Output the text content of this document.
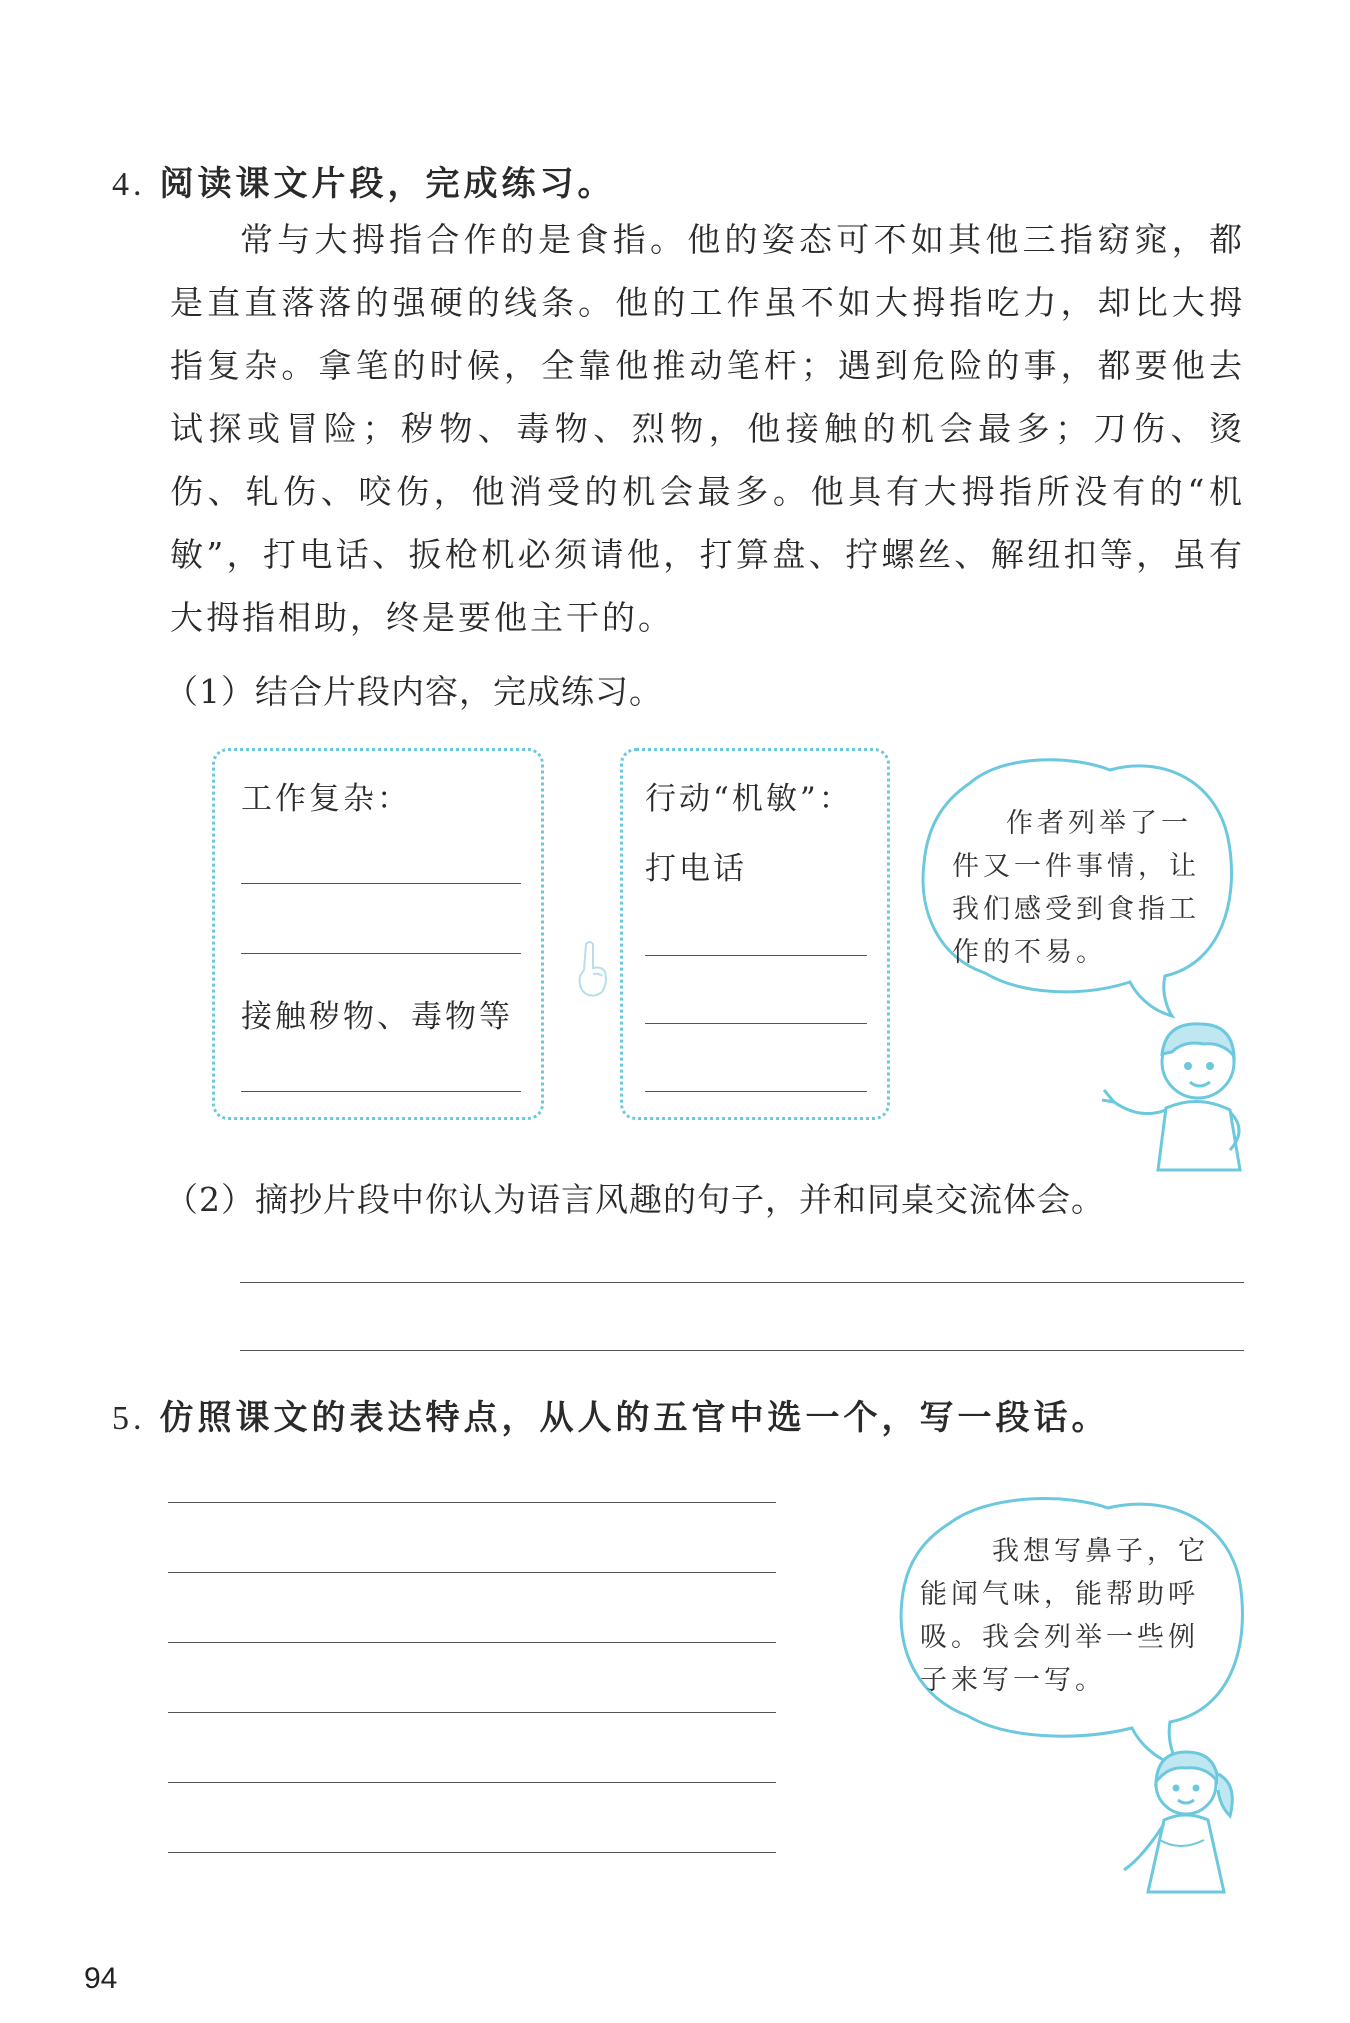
4. 阅读课文片段，完成练习。
常与大拇指合作的是食指。他的姿态可不如其他三指窈窕，都是直直落落的强硬的线条。他的工作虽不如大拇指吃力，却比大拇指复杂。拿笔的时候，全靠他推动笔杆；遇到危险的事，都要他去试探或冒险；秽物、毒物、烈物，他接触的机会最多；刀伤、烫伤、轧伤、咬伤，他消受的机会最多。他具有大拇指所没有的“机敏”，打电话、扳枪机必须请他，打算盘、拧螺丝、解纽扣等，虽有大拇指相助，终是要他主干的。
（1）结合片段内容，完成练习。
工作复杂：
接触秽物、毒物等
行动“机敏”：
打电话
作者列举了一件又一件事情，让我们感受到食指工作的不易。
（2）摘抄片段中你认为语言风趣的句子，并和同桌交流体会。
5. 仿照课文的表达特点，从人的五官中选一个，写一段话。
我想写鼻子，它能闻气味，能帮助呼吸。我会列举一些例子来写一写。
94
